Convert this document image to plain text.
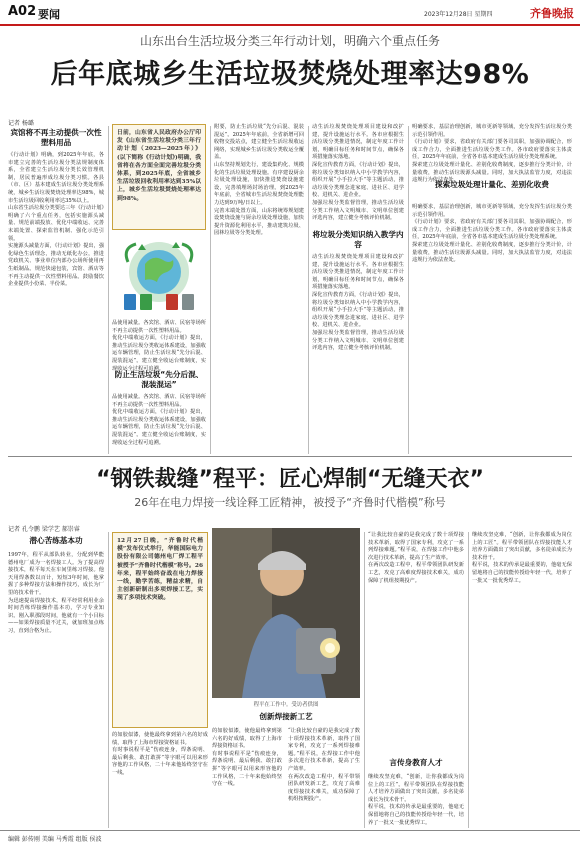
A02 要闻	2023年12月28日 星期四	齐鲁晚报
山东出台生活垃圾分类三年行动计划，明确六个重点任务
后年底城乡生活垃圾焚烧处理率达98%
记者 杨璐
宾馆将不再主动提供一次性塑料用品
《行动计划》明确，到2025年年底，各市建立完善的生活垃圾分类法规制度体系，全省建立生活垃圾分类长效管理机制，居民普遍形成垃圾分类习惯。各县（市、区）基本建成生活垃圾分类处理系统，城乡生活垃圾焚烧处理率达98%，城市生活垃圾回收利用率达35%以上。
山东省生活垃圾分类要达三年《行动计划》明确了六个重点任务，包括实施源头减量、规范前端投放、优化中端收运、完善末端处置、探索监管机制、强化示范引领。
实施源头减量方面，《行动计划》提出，强化绿色生活理念，推动无纸化办公，推进党政机关、事业单位内部办公场所使用再生纸制品。规范快递包装，宾馆、酒店等不再主动提供一次性塑料用品。鼓励餐饮企业提供小份菜、半份菜。
日前，山东省人民政府办公厅印发《山东省生活垃圾分类三年行动计划（2023—2025年）》(以下简称《行动计划》)明确，我省将在各方面全面完善垃圾分类体系，到2025年底，全省城乡生活垃圾回收利用率达到35%以上，城乡生活垃圾焚烧处理率达到98%。
品使用减量。各宾馆、酒店、民宿等场所不再主动提供一次性塑料用品。
优化中端收运方面，《行动计划》提出，推动生活垃圾分类收运体系建设，加强收运车辆管理，防止生活垃圾“先分后混、混装混运”。建立健全收运台账制度，实现收运全过程可追溯。
防止生活垃圾“先分后混、混装混运”
品使用减量。各宾馆、酒店、民宿等场所不再主动提供一次性塑料用品。
优化中端收运方面，《行动计划》提出，推动生活垃圾分类收运体系建设，加强收运车辆管理，防止生活垃圾“先分后混、混装混运”。建立健全收运台账制度，实现收运全过程可追溯。
附要，防止生活垃圾“先分后混、混装混运”。2025年年底前，全省新增可回收物交投站点，建立健全生活垃圾收运网络，实现城乡生活垃圾分类收运全覆盖。
山东坚持规划先行，建设集约化、规模化的生活垃圾处理设施。有序建设厨余垃圾处理设施，加快推进焚烧设施建设，完善填埋场封场治理。到2025年年底前，全省城市生活垃圾焚烧处理能力达到9万吨/日以上。
完善末端处置方面，山东将统筹规划建设焚烧设施与厨余垃圾处理设施，加快提升资源化利用水平，推动建筑垃圾、园林垃圾等分类处理。
动生活垃圾焚烧处理项目建设和改扩建，提升设施运行水平。各市应根据生活垃圾分类推进情况，制定年度工作计划，明确目标任务和时间节点，确保各项措施落实落地。
深化宣传教育方面，《行动计划》提出，将垃圾分类知识纳入中小学教学内容，组织开展“小手拉大手”等主题活动，推动垃圾分类理念进家庭、进社区、进学校、进机关、进企业。
加强垃圾分类监督管理，推动生活垃圾分类工作纳入文明城市、文明单位创建评选内容，建立健全考核评价机制。
将垃圾分类知识纳入教学内容
动生活垃圾焚烧处理项目建设和改扩建，提升设施运行水平。各市应根据生活垃圾分类推进情况，制定年度工作计划，明确目标任务和时间节点，确保各项措施落实落地。
深化宣传教育方面，《行动计划》提出，将垃圾分类知识纳入中小学教学内容，组织开展“小手拉大手”等主题活动，推动垃圾分类理念进家庭、进社区、进学校、进机关、进企业。
加强垃圾分类监督管理，推动生活垃圾分类工作纳入文明城市、文明单位创建评选内容，建立健全考核评价机制。
明确要求，基层治理创新，城市更新等领域，充分发挥生活垃圾分类示范引领作用。
《行动计划》要求，省政府有关部门要各司其职，加强协调配合，形成工作合力，全面推进生活垃圾分类工作。各市政府要落实主体责任，2025年年底前，全省各市基本建成生活垃圾分类处理系统。
探索建立垃圾处理计量化、差别化收费制度，逐步推行分类计价，计量收费，推动生活垃圾源头减量。同时，加大执法监管力度，对违法违规行为依法查处。
探索垃圾处理计量化、差别化收费
明确要求，基层治理创新，城市更新等领域，充分发挥生活垃圾分类示范引领作用。
《行动计划》要求，省政府有关部门要各司其职，加强协调配合，形成工作合力，全面推进生活垃圾分类工作。各市政府要落实主体责任，2025年年底前，全省各市基本建成生活垃圾分类处理系统。
探索建立垃圾处理计量化、差别化收费制度，逐步推行分类计价，计量收费，推动生活垃圾源头减量。同时，加大执法监管力度，对违法违规行为依法查处。
“钢铁裁缝”程平：匠心焊制“无缝天衣”
26年在电力焊接一线诠释工匠精神，被授予“齐鲁时代楷模”称号
记者 孔令鹏 梁学艺 郝崇睿
潜心苦练基本功
1997年，程平从部队转业，分配到华能德州电厂成为一名焊接工人。为了提高焊接技术，程平每天在车间里练习焊接。他天用焊条数以百计，短短3年时间，他掌握了多种焊接方法和操作技巧，成长为厂里的技术骨干。
为迅速提高焊接技术，程平经常利用业余时间苦练焊接操作基本功，学习专业知识。刚入职那段时间，他就有一个小目标——如果焊接质量不过关，就加班加点练习，直到合格为止。
12月27日晚，“齐鲁时代楷模”发布仪式举行，华能国际电力股份有限公司德州电厂焊工程平被授予“齐鲁时代楷模”称号。26年来，程平始终奋战在电力焊接一线，勤学苦练，精益求精，自主创新研制出多项焊接工艺，实现了多项技术突破。
的如胶似漆，使他最终拿到第六名的好成绩，取得了上海市焊接资格证书。
有时事说程平是“伤痕连身，焊条说明、最后剩我、敢打敢拼”等字眼可以用来形容他的工作风格，二十年来他始终坚守在一线。
程平在工作中。受访者供图
创新焊接新工艺
的如胶似漆，使他最终拿到第六名的好成绩，取得了上海市焊接资格证书。
有时事说程平是“伤痕连身，焊条说明、最后剩我、敢打敢拼”等字眼可以用来形容他的工作风格，二十年来他始终坚守在一线。
“让我比较自豪的是我完成了数十项焊接技术革新，取得了国家专利，攻克了一系列焊接难题。”程平说，在焊接工作中他多次进行技术革新，提高了生产效率。
在两次改造工程中，程平带领团队研发新工艺，攻克了高难度焊接技术难关，成功保障了机组按期投产。
“让我比较自豪的是我完成了数十项焊接技术革新，取得了国家专利，攻克了一系列焊接难题。”程平说，在焊接工作中他多次进行技术革新，提高了生产效率。
在两次改造工程中，程平带领团队研发新工艺，攻克了高难度焊接技术难关，成功保障了机组按期投产。
言传身教育人才
继续攻坚克难，“创新，让你我都成为岗位上的工匠”。程平带领团队在焊接技能人才培养方面做出了突出贡献，多名徒弟成长为技术骨干。
程平说，技术的传承是最重要的，他毫无保留地将自己的技能传授给年轻一代，培养了一批又一批优秀焊工。
继续攻坚克难，“创新，让你我都成为岗位上的工匠”。程平带领团队在焊接技能人才培养方面做出了突出贡献，多名徒弟成长为技术骨干。
程平说，技术的传承是最重要的，他毫无保留地将自己的技能传授给年轻一代，培养了一批又一批优秀焊工。
编辑 彭传刚 美编 马秀霞 组版 侯波
